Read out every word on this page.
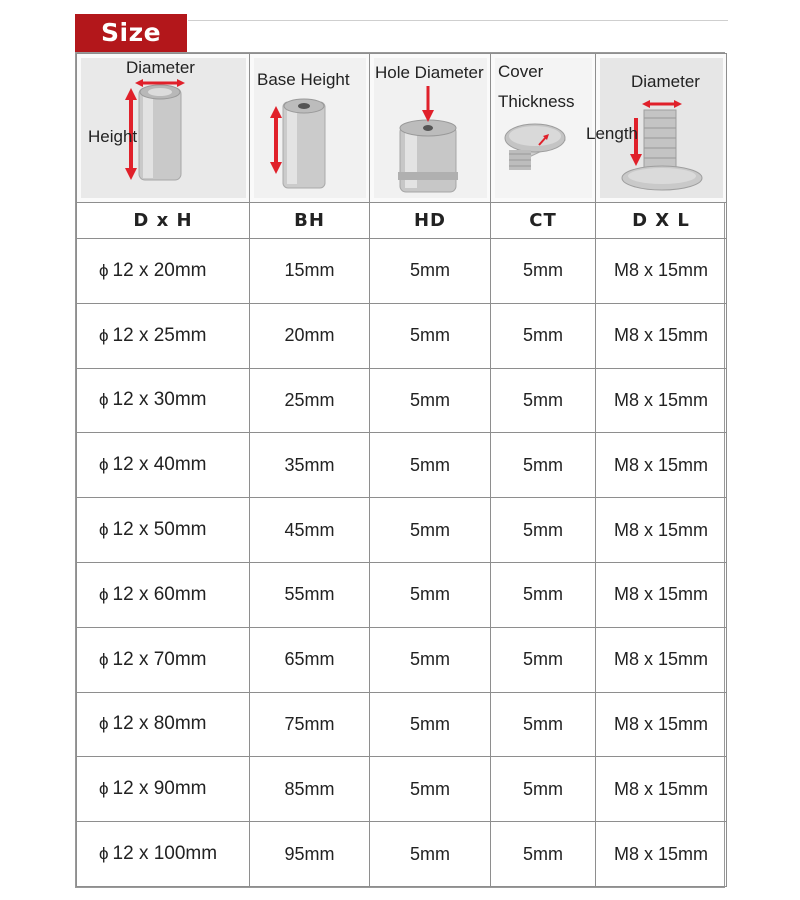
Size
Diameter
Height	Base Height	Hole Diameter	Cover
Thickness	Diameter
Length

D x H	BH	HD	CT	D X L
ϕ 12 x 20mm	15mm	5mm	5mm	M8 x 15mm
ϕ 12 x 25mm	20mm	5mm	5mm	M8 x 15mm
ϕ 12 x 30mm	25mm	5mm	5mm	M8 x 15mm
ϕ 12 x 40mm	35mm	5mm	5mm	M8 x 15mm
ϕ 12 x 50mm	45mm	5mm	5mm	M8 x 15mm
ϕ 12 x 60mm	55mm	5mm	5mm	M8 x 15mm
ϕ 12 x 70mm	65mm	5mm	5mm	M8 x 15mm
ϕ 12 x 80mm	75mm	5mm	5mm	M8 x 15mm
ϕ 12 x 90mm	85mm	5mm	5mm	M8 x 15mm
ϕ 12 x 100mm	95mm	5mm	5mm	M8 x 15mm
